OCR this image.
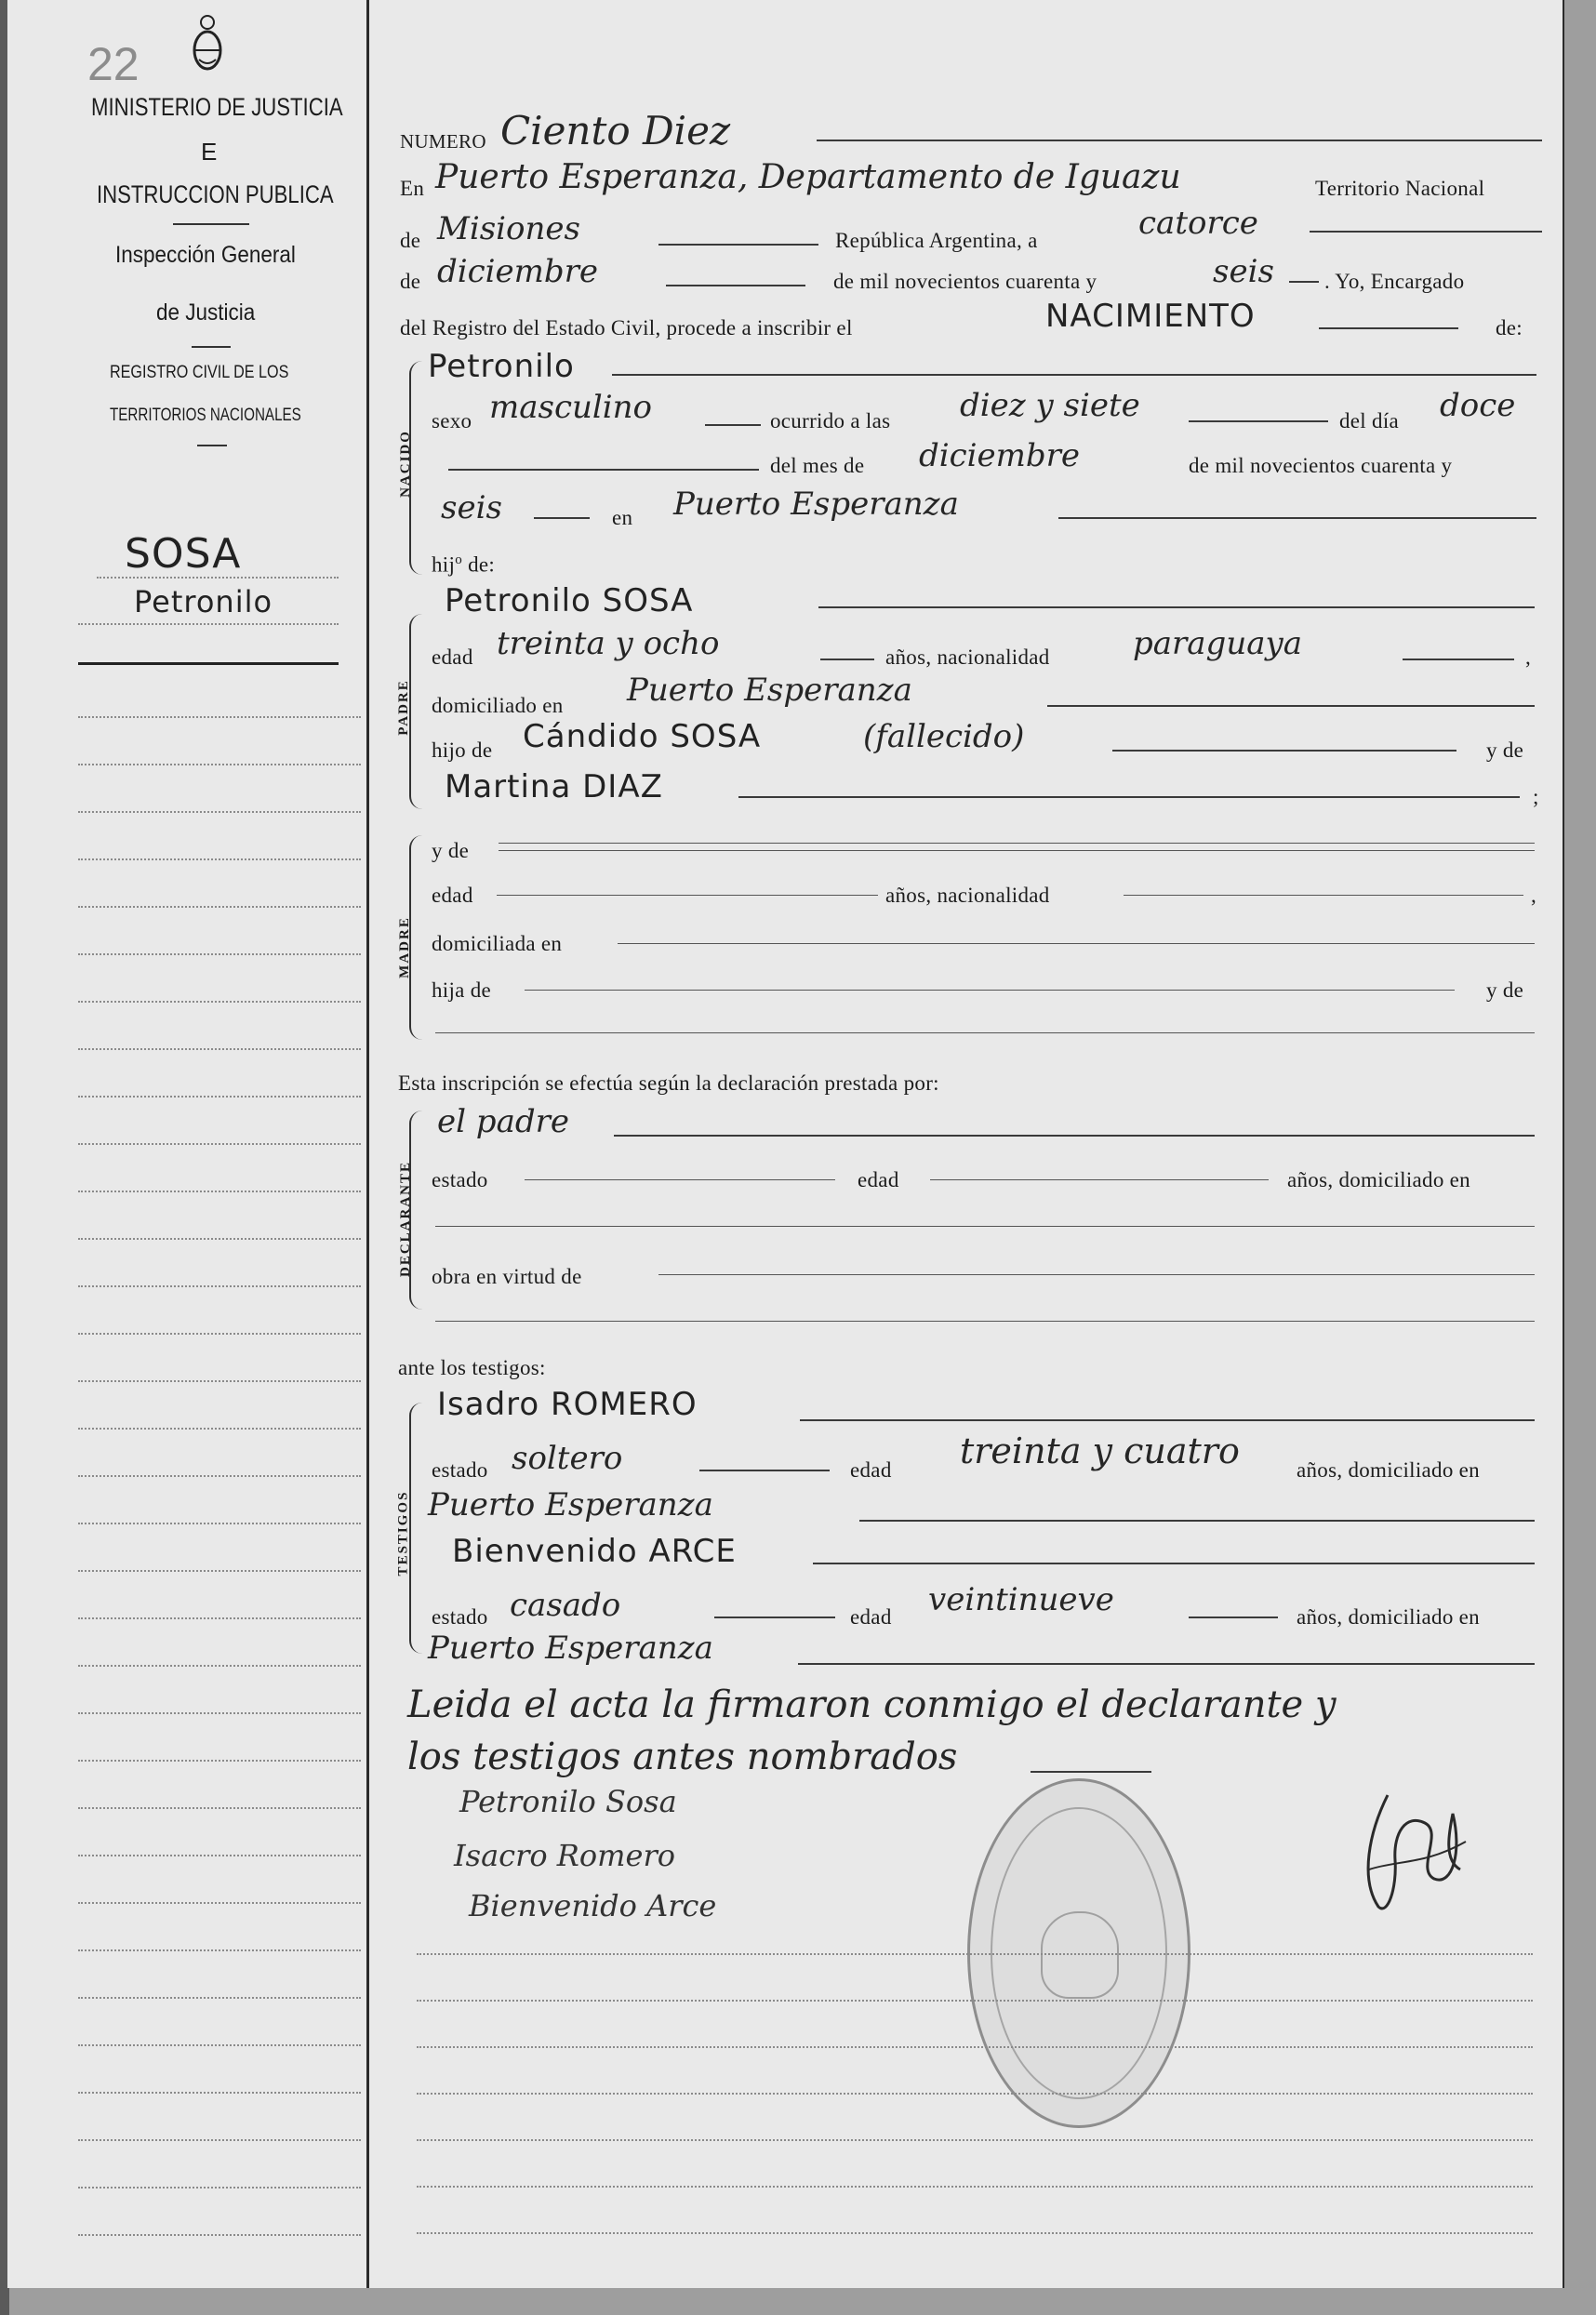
22
MINISTERIO DE JUSTICIA
E
INSTRUCCION PUBLICA
Inspección General
de Justicia
REGISTRO CIVIL DE LOS
TERRITORIOS NACIONALES
SOSA
Petronilo
NUMERO Ciento Diez
En Puerto Esperanza, Departamento de Iguazu	Territorio Nacional
de Misiones	República Argentina, a	catorce
de diciembre	de mil novecientos cuarenta y	seis . Yo, Encargado
del Registro del Estado Civil, procede a inscribir el	NACIMIENTO	de:
NACIDO
Petronilo
sexo masculino	ocurrido a las diez y siete	del día doce
del mes de diciembre	de mil novecientos cuarenta y
seis	en Puerto Esperanza
hij$^o$ de:
PADRE
Petronilo SOSA
edad treinta y ocho	años, nacionalidad	paraguaya	,
domiciliado en Puerto Esperanza
hijo de Cándido SOSA	(fallecido)	y de
Martina DIAZ	;
MADRE
y de
edad	años, nacionalidad	,
domiciliada en
hija de	y de
Esta inscripción se efectúa según la declaración prestada por:
DECLARANTE
el padre
estado	edad	años, domiciliado en
obra en virtud de
ante los testigos:
TESTIGOS
Isadro ROMERO
estado soltero	edad treinta y cuatro	años, domiciliado en
Puerto Esperanza
Bienvenido ARCE
estado casado	edad veintinueve	años, domiciliado en
Puerto Esperanza
Leida el acta la firmaron conmigo el declarante y
los testigos antes nombrados
Petronilo Sosa
Isacro Romero
Bienvenido Arce
